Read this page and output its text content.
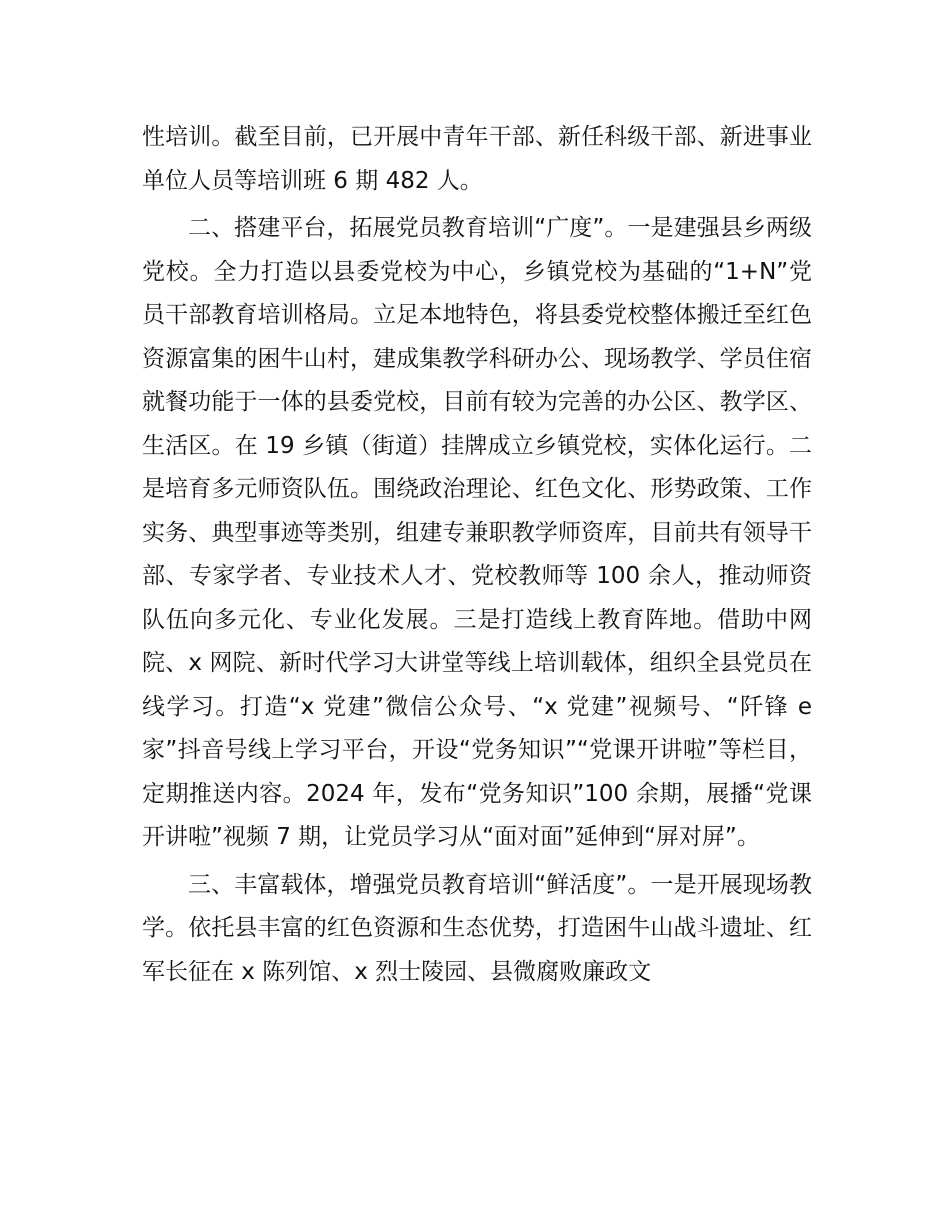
性培训。截至目前，已开展中青年干部、新任科级干部、新进事业单位人员等培训班 6 期 482 人。

二、搭建平台，拓展党员教育培训“广度”。一是建强县乡两级党校。全力打造以县委党校为中心，乡镇党校为基础的“1+N”党员干部教育培训格局。立足本地特色，将县委党校整体搬迁至红色资源富集的困牛山村，建成集教学科研办公、现场教学、学员住宿就餐功能于一体的县委党校，目前有较为完善的办公区、教学区、生活区。在 19 乡镇（街道）挂牌成立乡镇党校，实体化运行。二是培育多元师资队伍。围绕政治理论、红色文化、形势政策、工作实务、典型事迹等类别，组建专兼职教学师资库，目前共有领导干部、专家学者、专业技术人才、党校教师等 100 余人，推动师资队伍向多元化、专业化发展。三是打造线上教育阵地。借助中网院、x 网院、新时代学习大讲堂等线上培训载体，组织全县党员在线学习。打造“x 党建”微信公众号、“x 党建”视频号、“阡锋 e 家”抖音号线上学习平台，开设“党务知识”“党课开讲啦”等栏目，定期推送内容。2024 年，发布“党务知识”100 余期，展播“党课开讲啦”视频 7 期，让党员学习从“面对面”延伸到“屏对屏”。

三、丰富载体，增强党员教育培训“鲜活度”。一是开展现场教学。依托县丰富的红色资源和生态优势，打造困牛山战斗遗址、红军长征在 x 陈列馆、x 烈士陵园、县微腐败廉政文
